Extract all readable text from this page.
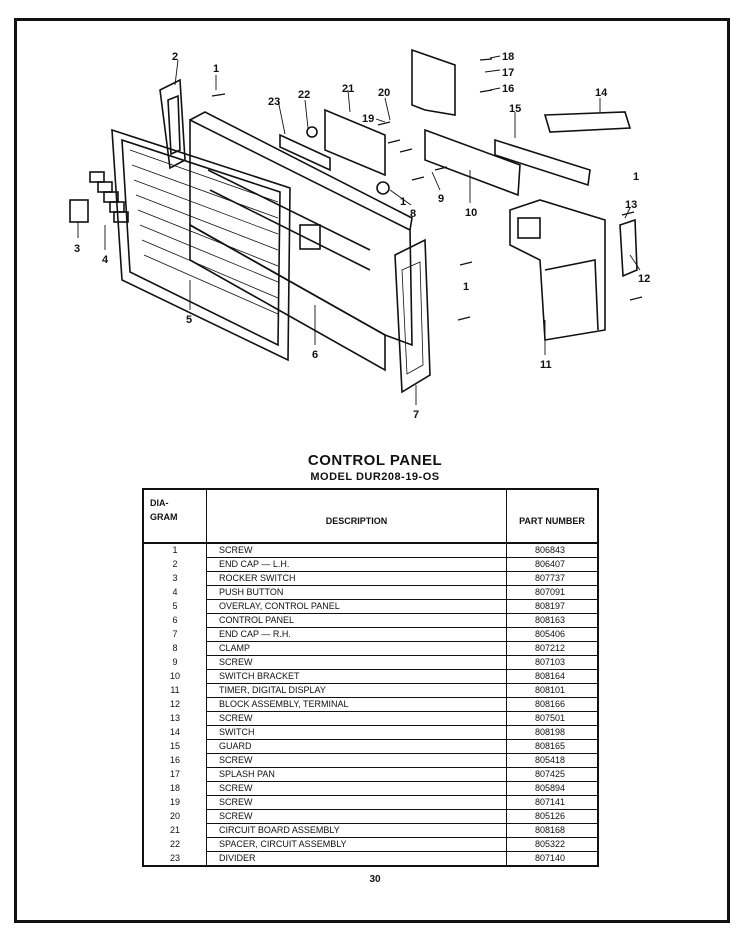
1
2
3
4
5
6
7
8
9
10
11
12
13
14
15
16
17
18
19
20
21
22
23
1
1
1
CONTROL PANEL
MODEL DUR208-19-OS
DIA-
GRAM	DESCRIPTION	PART NUMBER
1	SCREW	806843
2	END CAP — L.H.	806407
3	ROCKER SWITCH	807737
4	PUSH BUTTON	807091
5	OVERLAY, CONTROL PANEL	808197
6	CONTROL PANEL	808163
7	END CAP — R.H.	805406
8	CLAMP	807212
9	SCREW	807103
10	SWITCH BRACKET	808164
11	TIMER, DIGITAL DISPLAY	808101
12	BLOCK ASSEMBLY, TERMINAL	808166
13	SCREW	807501
14	SWITCH	808198
15	GUARD	808165
16	SCREW	805418
17	SPLASH PAN	807425
18	SCREW	805894
19	SCREW	807141
20	SCREW	805126
21	CIRCUIT BOARD ASSEMBLY	808168
22	SPACER, CIRCUIT ASSEMBLY	805322
23	DIVIDER	807140
30
